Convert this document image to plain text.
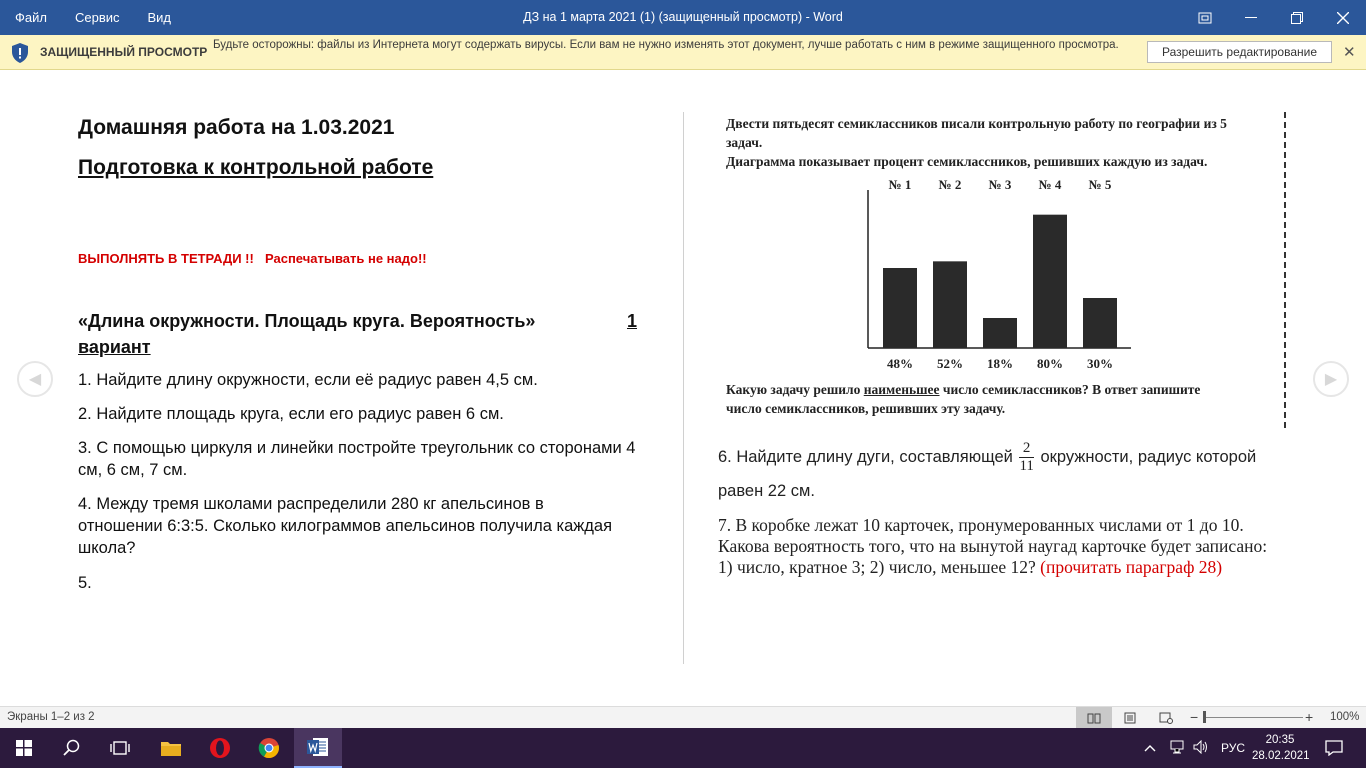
Файл	Сервис	Вид	ДЗ на 1 марта 2021 (1) (защищенный просмотр) - Word
ЗАЩИЩЕННЫЙ ПРОСМОТР Будьте осторожны: файлы из Интернета могут содержать вирусы. Если вам не нужно изменять этот документ, лучше работать с ним в режиме защищенного просмотра.	Разрешить редактирование	✕
◀	▶
Домашняя работа на 1.03.2021
Подготовка к контрольной работе
ВЫПОЛНЯТЬ В ТЕТРАДИ !! Распечатывать не надо!!
«Длина окружности. Площадь круга. Вероятность»	1
вариант
1. Найдите длину окружности, если её радиус равен 4,5 см.
2. Найдите площадь круга, если его радиус равен 6 см.
3. С помощью циркуля и линейки постройте треугольник со сторонами 4 см, 6 см, 7 см.
4. Между тремя школами распределили 280 кг апельсинов в отношении 6:3:5. Сколько килограммов апельсинов получила каждая школа?
5.
Двести пятьдесят семиклассников писали контрольную работу по географии из 5
задач.
Диаграмма показывает процент семиклассников, решивших каждую из задач.
№ 1
48%
№ 2
52%
№ 3
18%
№ 4
80%
№ 5
30%
Какую задачу решило наименьшее число семиклассников? В ответ запишите
число семиклассников, решивших эту задачу.
6. Найдите длину дуги, составляющей $\frac{2}{11}$ окружности, радиус которой
равен 22 см.
7. В коробке лежат 10 карточек, пронумерованных числами от 1 до 10. Какова вероятность того, что на вынутой наугад карточке будет записано: 1) число, кратное 3; 2) число, меньшее 12? (прочитать параграф 28)
Экраны 1–2 из 2	−	+ 100%
РУС
20:35
28.02.2021
